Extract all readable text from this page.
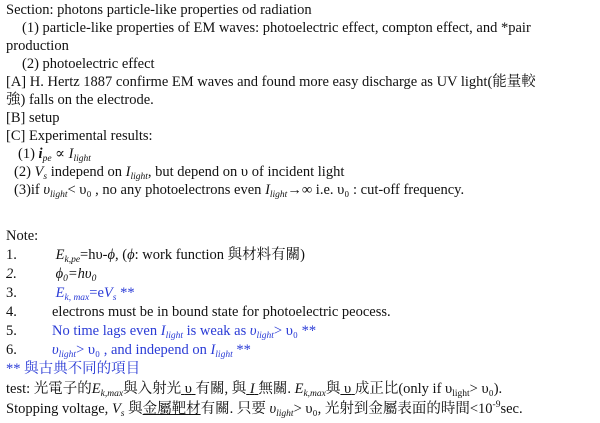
Section: photons particle-like properties od radiation
(1) particle-like properties of EM waves: photoelectric effect, compton effect, and *pair
production
(2) photoelectric effect
[A] H. Hertz 1887 confirme EM waves and found more easy discharge as UV light(能量較
強) falls on the electrode.
[B] setup
[C] Experimental results:
(1) $i_{pe} \propto I_{light}$
(2) $V_s$ independ on $I_{light}$, but depend on υ of incident light
(3)if $\upsilon_{light}< \upsilon_0$ , no any photoelectrons even $I_{light}\to\infty$ i.e. υ₀ : cut-off frequency.
Note:
1.	$E_{k,pe}=h\upsilon-\phi$, (ϕ: work function 與材料有關)
2.	$\phi_0=h\upsilon_0$
3.	$E_{k, max}=eV_s$ **
4. electrons must be in bound state for photoelectric peocess.
5. No time lags even $I_{light}$ is weak as $\upsilon_{light}> \upsilon_0$ **
6. $\upsilon_{light}> \upsilon_0$ , and independ on $I_{light}$ **
** 與古典不同的項目
test: 光電子的$E_{k,max}$與入射光 υ 有關, 與 I 無關. $E_{k,max}$與 υ 成正比(only if $\upsilon_{light}> \upsilon_0$).
Stopping voltage, $V_s$ 與金屬靶材有關. 只要 $\upsilon_{light}> \upsilon_0$, 光射到金屬表面的時間$<10^{-9}\sec$.
